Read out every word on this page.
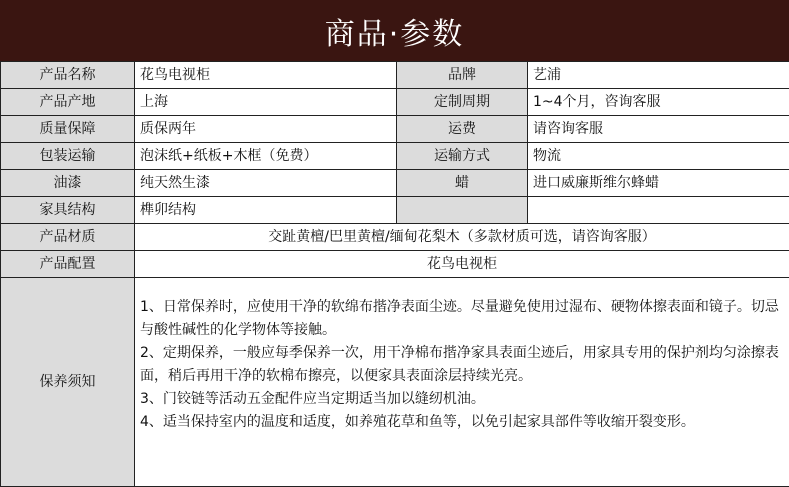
商品·参数
产品名称	花鸟电视柜	品牌	艺浦
产品产地	上海	定制周期	1~4个月，咨询客服
质量保障	质保两年	运费	请咨询客服
包装运输	泡沫纸+纸板+木框（免费）	运输方式	物流
油漆	纯天然生漆	蜡	进口威廉斯维尔蜂蜡
家具结构	榫卯结构		
产品材质	交趾黄檀/巴里黄檀/缅甸花梨木（多款材质可选，请咨询客服）		
产品配置	花鸟电视柜		
保养须知	1、日常保养时，应使用干净的软绵布揩净表面尘迹。尽量避免使用过湿布、硬物体擦表面和镜子。切忌与酸性碱性的化学物体等接触。

2、定期保养，一般应每季保养一次，用干净棉布揩净家具表面尘迹后，用家具专用的保护剂均匀涂擦表面，稍后再用干净的软棉布擦亮，以便家具表面涂层持续光亮。

3、门铰链等活动五金配件应当定期适当加以缝纫机油。

4、适当保持室内的温度和适度，如养殖花草和鱼等，以免引起家具部件等收缩开裂变形。		
